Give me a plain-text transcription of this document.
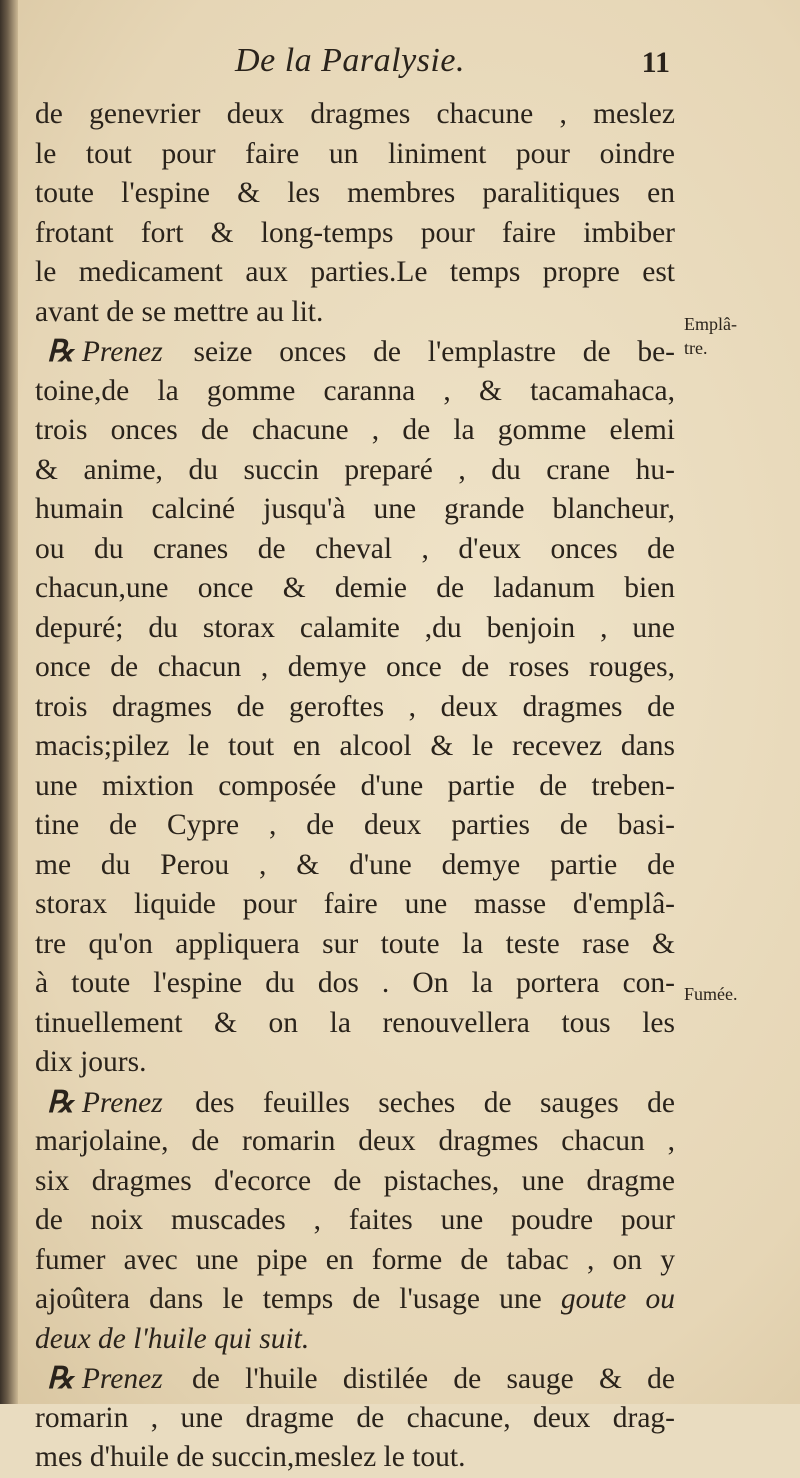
De la Paralysie.	11
Emplâ-
tre.
Fumée.
de genevrier deux dragmes chacune , meslez
le tout pour faire un liniment pour oindre
toute l'espine & les membres paralitiques en
frotant fort & long-temps pour faire imbiber
le medicament aux parties.Le temps propre est
avant de se mettre au lit.
℞ Prenez seize onces de l'emplastre de be-
toine,de la gomme caranna , & tacamahaca,
trois onces de chacune , de la gomme elemi
& anime, du succin preparé , du crane hu-
humain calciné jusqu'à une grande blancheur,
ou du cranes de cheval , d'eux onces de
chacun,une once & demie de ladanum bien
depuré; du storax calamite ,du benjoin , une
once de chacun , demye once de roses rouges,
trois dragmes de geroftes , deux dragmes de
macis;pilez le tout en alcool & le recevez dans
une mixtion composée d'une partie de treben-
tine de Cypre , de deux parties de basi-
me du Perou , & d'une demye partie de
storax liquide pour faire une masse d'emplâ-
tre qu'on appliquera sur toute la teste rase &
à toute l'espine du dos . On la portera con-
tinuellement & on la renouvellera tous les
dix jours.
℞ Prenez des feuilles seches de sauges de
marjolaine, de romarin deux dragmes chacun ,
six dragmes d'ecorce de pistaches, une dragme
de noix muscades , faites une poudre pour
fumer avec une pipe en forme de tabac , on y
ajoûtera dans le temps de l'usage une goute ou
deux de l'huile qui suit.
℞ Prenez de l'huile distilée de sauge & de
romarin , une dragme de chacune, deux drag-
mes d'huile de succin,meslez le tout.
